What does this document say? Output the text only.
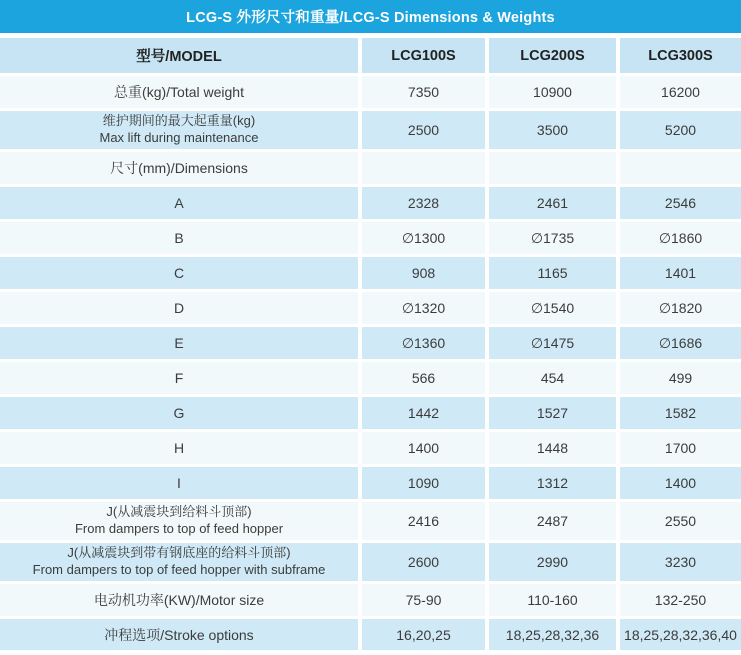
LCG-S 外形尺寸和重量/LCG-S Dimensions & Weights
型号/MODEL	LCG100S	LCG200S	LCG300S
总重(kg)/Total weight	7350	10900	16200
维护期间的最大起重量(kg)
Max lift during maintenance	2500	3500	5200
尺寸(mm)/Dimensions
A	2328	2461	2546
B	∅1300	∅1735	∅1860
C	908	1165	1401
D	∅1320	∅1540	∅1820
E	∅1360	∅1475	∅1686
F	566	454	499
G	1442	1527	1582
H	1400	1448	1700
I	1090	1312	1400
J(从减震块到给料斗顶部)
From dampers to top of feed hopper	2416	2487	2550
J(从减震块到带有钢底座的给料斗顶部)
From dampers to top of feed hopper with subframe	2600	2990	3230
电动机功率(KW)/Motor size	75-90	110-160	132-250
冲程选项/Stroke options	16,20,25	18,25,28,32,36	18,25,28,32,36,40
